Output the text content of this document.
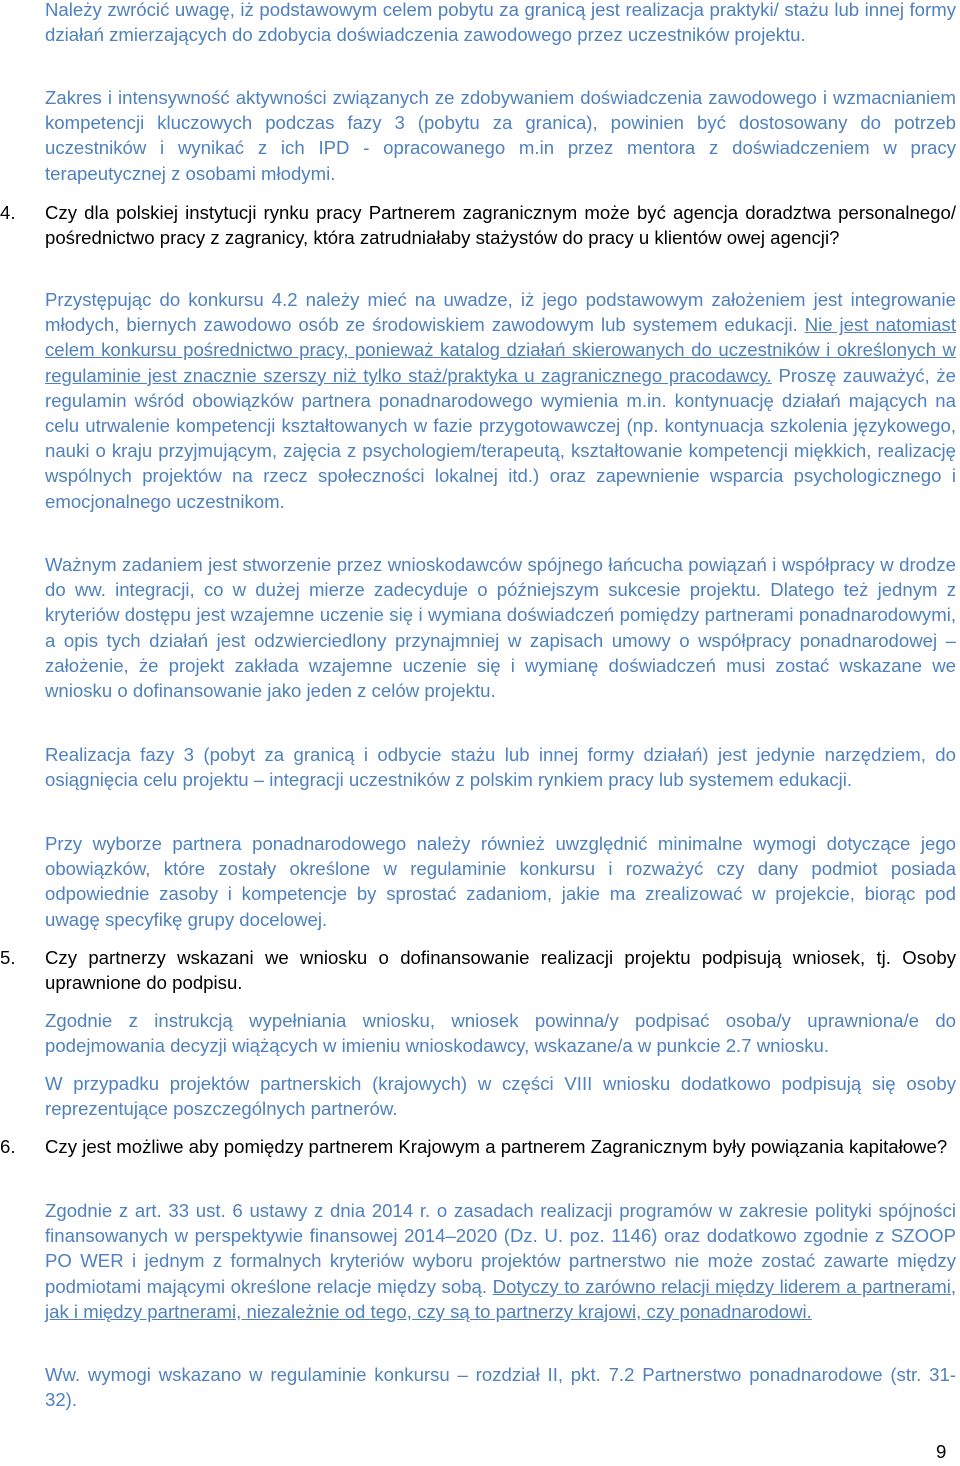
Należy zwrócić uwagę, iż podstawowym celem pobytu za granicą jest realizacja praktyki/ stażu lub innej formy działań zmierzających do zdobycia doświadczenia zawodowego przez uczestników projektu.

Zakres i intensywność aktywności związanych ze zdobywaniem doświadczenia zawodowego i wzmacnianiem kompetencji kluczowych podczas fazy 3 (pobytu za granica), powinien być dostosowany do potrzeb uczestników i wynikać z ich IPD - opracowanego m.in przez mentora z doświadczeniem w pracy terapeutycznej z osobami młodymi.

4. Czy dla polskiej instytucji rynku pracy Partnerem zagranicznym może być agencja doradztwa personalnego/ pośrednictwo pracy z zagranicy, która zatrudniałaby stażystów do pracy u klientów owej agencji?

Przystępując do konkursu 4.2 należy mieć na uwadze, iż jego podstawowym założeniem jest integrowanie młodych, biernych zawodowo osób ze środowiskiem zawodowym lub systemem edukacji. Nie jest natomiast celem konkursu pośrednictwo pracy, ponieważ katalog działań skierowanych do uczestników i określonych w regulaminie jest znacznie szerszy niż tylko staż/praktyka u zagranicznego pracodawcy. Proszę zauważyć, że regulamin wśród obowiązków partnera ponadnarodowego wymienia m.in. kontynuację działań mających na celu utrwalenie kompetencji kształtowanych w fazie przygotowawczej (np. kontynuacja szkolenia językowego, nauki o kraju przyjmującym, zajęcia z psychologiem/terapeutą, kształtowanie kompetencji miękkich, realizację wspólnych projektów na rzecz społeczności lokalnej itd.) oraz zapewnienie wsparcia psychologicznego i emocjonalnego uczestnikom.

Ważnym zadaniem jest stworzenie przez wnioskodawców spójnego łańcucha powiązań i współpracy w drodze do ww. integracji, co w dużej mierze zadecyduje o późniejszym sukcesie projektu. Dlatego też jednym z kryteriów dostępu jest wzajemne uczenie się i wymiana doświadczeń pomiędzy partnerami ponadnarodowymi, a opis tych działań jest odzwierciedlony przynajmniej w zapisach umowy o współpracy ponadnarodowej – założenie, że projekt zakłada wzajemne uczenie się i wymianę doświadczeń musi zostać wskazane we wniosku o dofinansowanie jako jeden z celów projektu.

Realizacja fazy 3 (pobyt za granicą i odbycie stażu lub innej formy działań) jest jedynie narzędziem, do osiągnięcia celu projektu – integracji uczestników z polskim rynkiem pracy lub systemem edukacji.

Przy wyborze partnera ponadnarodowego należy również uwzględnić minimalne wymogi dotyczące jego obowiązków, które zostały określone w regulaminie konkursu i rozważyć czy dany podmiot posiada odpowiednie zasoby i kompetencje by sprostać zadaniom, jakie ma zrealizować w projekcie, biorąc pod uwagę specyfikę grupy docelowej.

5. Czy partnerzy wskazani we wniosku o dofinansowanie realizacji projektu podpisują wniosek, tj. Osoby uprawnione do podpisu.

Zgodnie z instrukcją wypełniania wniosku, wniosek powinna/y podpisać osoba/y uprawniona/e do podejmowania decyzji wiążących w imieniu wnioskodawcy, wskazane/a w punkcie 2.7 wniosku.

W przypadku projektów partnerskich (krajowych) w części VIII wniosku dodatkowo podpisują się osoby reprezentujące poszczególnych partnerów.

6. Czy jest możliwe aby pomiędzy partnerem Krajowym a partnerem Zagranicznym były powiązania kapitałowe?

Zgodnie z art. 33 ust. 6 ustawy z dnia 2014 r. o zasadach realizacji programów w zakresie polityki spójności finansowanych w perspektywie finansowej 2014–2020 (Dz. U. poz. 1146) oraz dodatkowo zgodnie z SZOOP PO WER i jednym z formalnych kryteriów wyboru projektów partnerstwo nie może zostać zawarte między podmiotami mającymi określone relacje między sobą. Dotyczy to zarówno relacji między liderem a partnerami, jak i między partnerami, niezależnie od tego, czy są to partnerzy krajowi, czy ponadnarodowi.

Ww. wymogi wskazano w regulaminie konkursu – rozdział II, pkt. 7.2 Partnerstwo ponadnarodowe (str. 31- 32).

9
